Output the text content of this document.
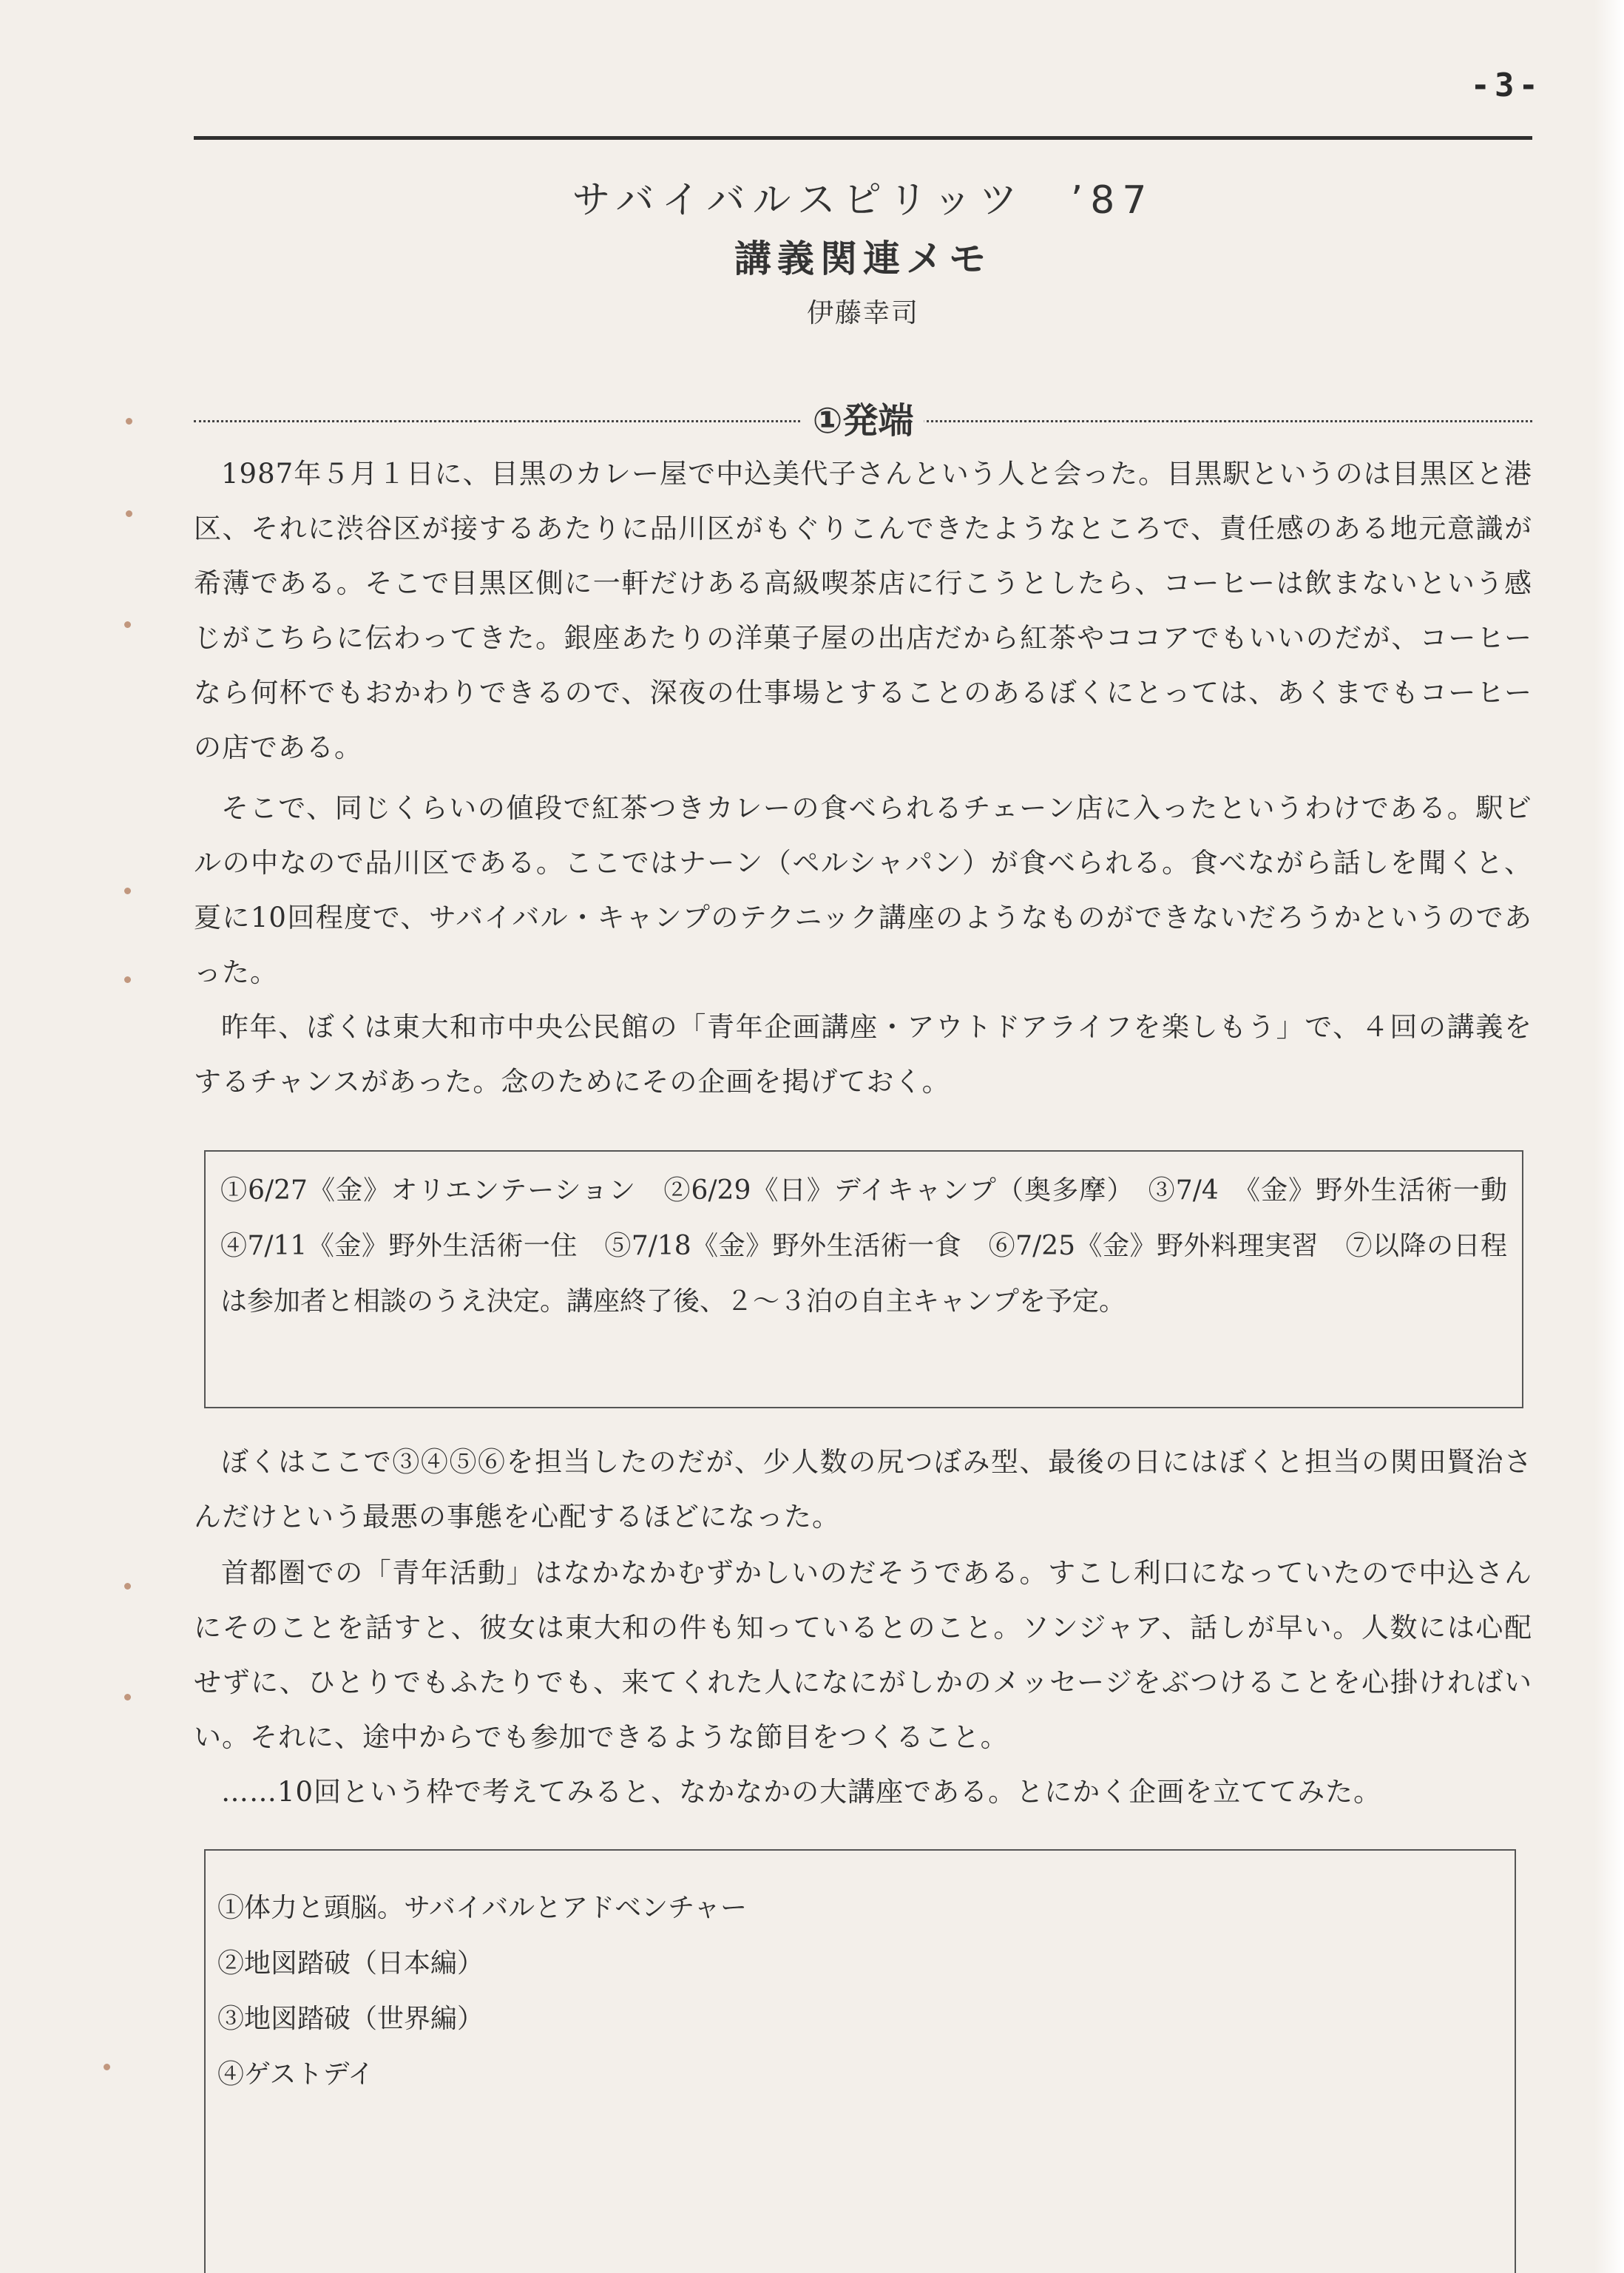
-3-
サバイバルスピリッツ　’87
講義関連メモ
伊藤幸司
①発端

1987年５月１日に、目黒のカレー屋で中込美代子さんという人と会った。目黒駅というのは目黒区と港区、それに渋谷区が接するあたりに品川区がもぐりこんできたようなところで、責任感のある地元意識が希薄である。そこで目黒区側に一軒だけある高級喫茶店に行こうとしたら、コーヒーは飲まないという感じがこちらに伝わってきた。銀座あたりの洋菓子屋の出店だから紅茶やココアでもいいのだが、コーヒーなら何杯でもおかわりできるので、深夜の仕事場とすることのあるぼくにとっては、あくまでもコーヒーの店である。

そこで、同じくらいの値段で紅茶つきカレーの食べられるチェーン店に入ったというわけである。駅ビルの中なので品川区である。ここではナーン（ペルシャパン）が食べられる。食べながら話しを聞くと、夏に10回程度で、サバイバル・キャンプのテクニック講座のようなものができないだろうかというのであった。

昨年、ぼくは東大和市中央公民館の「青年企画講座・アウトドアライフを楽しもう」で、４回の講義をするチャンスがあった。念のためにその企画を掲げておく。

①6/27《金》オリエンテーション　②6/29《日》デイキャンプ（奥多摩）　③7/4　《金》野外生活術一動　④7/11《金》野外生活術一住　⑤7/18《金》野外生活術一食　⑥7/25《金》野外料理実習　⑦以降の日程は参加者と相談のうえ決定。講座終了後、２～３泊の自主キャンプを予定。

ぼくはここで③④⑤⑥を担当したのだが、少人数の尻つぼみ型、最後の日にはぼくと担当の関田賢治さんだけという最悪の事態を心配するほどになった。

首都圏での「青年活動」はなかなかむずかしいのだそうである。すこし利口になっていたので中込さんにそのことを話すと、彼女は東大和の件も知っているとのこと。ソンジャア、話しが早い。人数には心配せずに、ひとりでもふたりでも、来てくれた人になにがしかのメッセージをぶつけることを心掛ければいい。それに、途中からでも参加できるような節目をつくること。

……10回という枠で考えてみると、なかなかの大講座である。とにかく企画を立ててみた。

①体力と頭脳。サバイバルとアドベンチャー
②地図踏破（日本編）
③地図踏破（世界編）
④ゲストデイ
